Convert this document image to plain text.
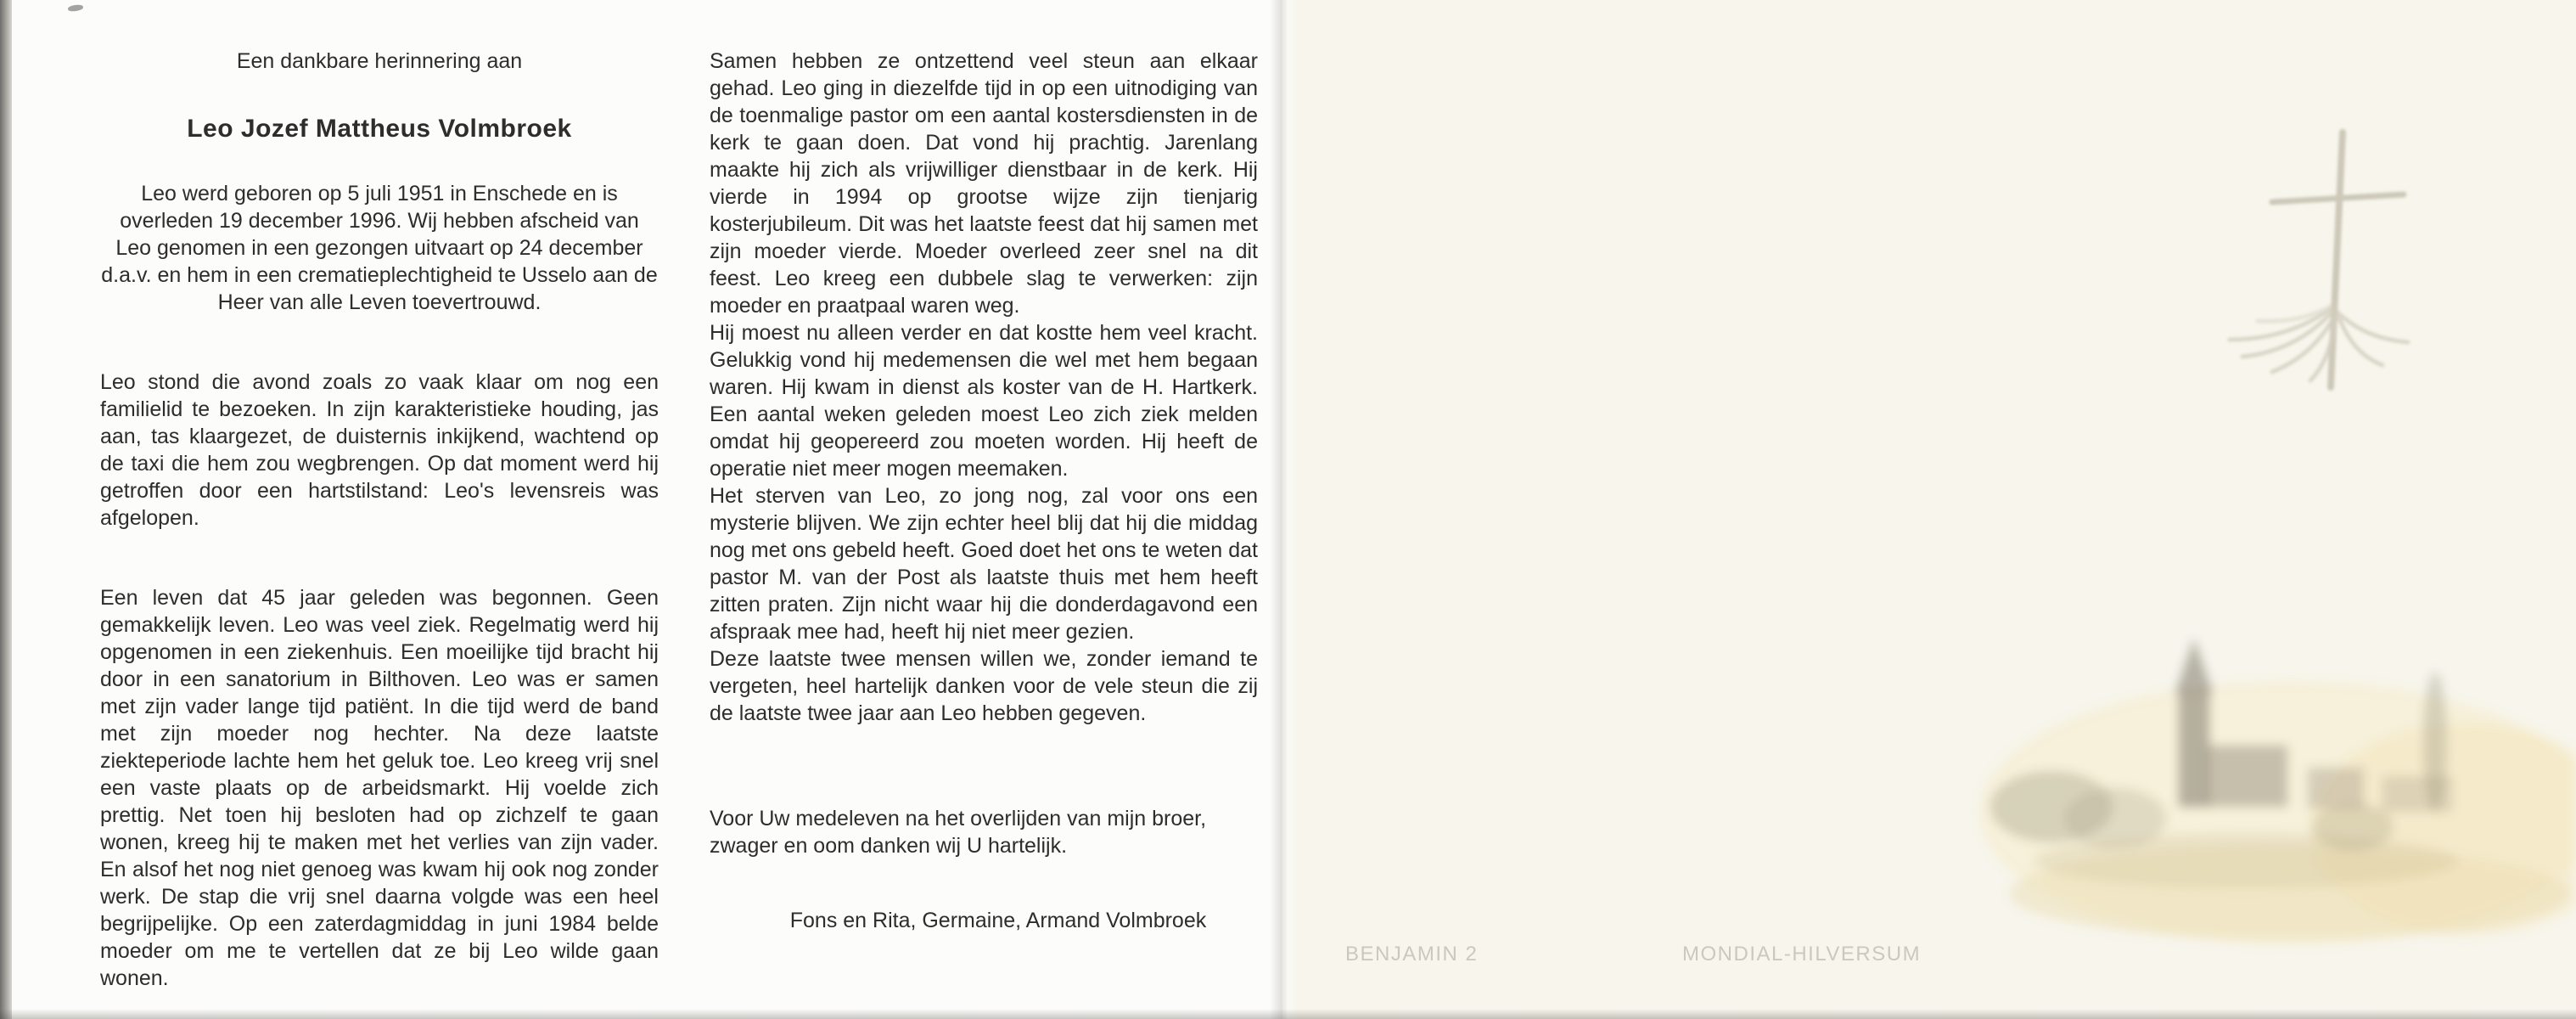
Een dankbare herinnering aan

Leo Jozef Mattheus Volmbroek

Leo werd geboren op 5 juli 1951 in Enschede en is overleden 19 december 1996. Wij hebben afscheid van Leo genomen in een gezongen uitvaart op 24 december d.a.v. en hem in een crematieplechtigheid te Usselo aan de Heer van alle Leven toevertrouwd.

Leo stond die avond zoals zo vaak klaar om nog een familielid te bezoeken. In zijn karakteristieke houding, jas aan, tas klaargezet, de duisternis inkijkend, wachtend op de taxi die hem zou wegbrengen. Op dat moment werd hij getroffen door een hartstilstand: Leo's levensreis was afgelopen.

Een leven dat 45 jaar geleden was begonnen. Geen gemakkelijk leven. Leo was veel ziek. Regelmatig werd hij opgenomen in een ziekenhuis. Een moeilijke tijd bracht hij door in een sanatorium in Bilthoven. Leo was er samen met zijn vader lange tijd patiënt. In die tijd werd de band met zijn moeder nog hechter. Na deze laatste ziekteperiode lachte hem het geluk toe. Leo kreeg vrij snel een vaste plaats op de arbeidsmarkt. Hij voelde zich prettig. Net toen hij besloten had op zichzelf te gaan wonen, kreeg hij te maken met het verlies van zijn vader. En alsof het nog niet genoeg was kwam hij ook nog zonder werk. De stap die vrij snel daarna volgde was een heel begrijpelijke. Op een zaterdagmiddag in juni 1984 belde moeder om me te vertellen dat ze bij Leo wilde gaan wonen.

Samen hebben ze ontzettend veel steun aan elkaar gehad. Leo ging in diezelfde tijd in op een uitnodiging van de toenmalige pastor om een aantal kostersdiensten in de kerk te gaan doen. Dat vond hij prachtig. Jarenlang maakte hij zich als vrijwilliger dienstbaar in de kerk. Hij vierde in 1994 op grootse wijze zijn tienjarig kosterjubileum. Dit was het laatste feest dat hij samen met zijn moeder vierde. Moeder overleed zeer snel na dit feest. Leo kreeg een dubbele slag te verwerken: zijn moeder en praatpaal waren weg.

Hij moest nu alleen verder en dat kostte hem veel kracht. Gelukkig vond hij medemensen die wel met hem begaan waren. Hij kwam in dienst als koster van de H. Hartkerk. Een aantal weken geleden moest Leo zich ziek melden omdat hij geopereerd zou moeten worden. Hij heeft de operatie niet meer mogen meemaken.

Het sterven van Leo, zo jong nog, zal voor ons een mysterie blijven. We zijn echter heel blij dat hij die middag nog met ons gebeld heeft. Goed doet het ons te weten dat pastor M. van der Post als laatste thuis met hem heeft zitten praten. Zijn nicht waar hij die donderdagavond een afspraak mee had, heeft hij niet meer gezien.

Deze laatste twee mensen willen we, zonder iemand te vergeten, heel hartelijk danken voor de vele steun die zij de laatste twee jaar aan Leo hebben gegeven.

Voor Uw medeleven na het overlijden van mijn broer, zwager en oom danken wij U hartelijk.

Fons en Rita, Germaine, Armand Volmbroek

BENJAMIN 2	MONDIAL-HILVERSUM
